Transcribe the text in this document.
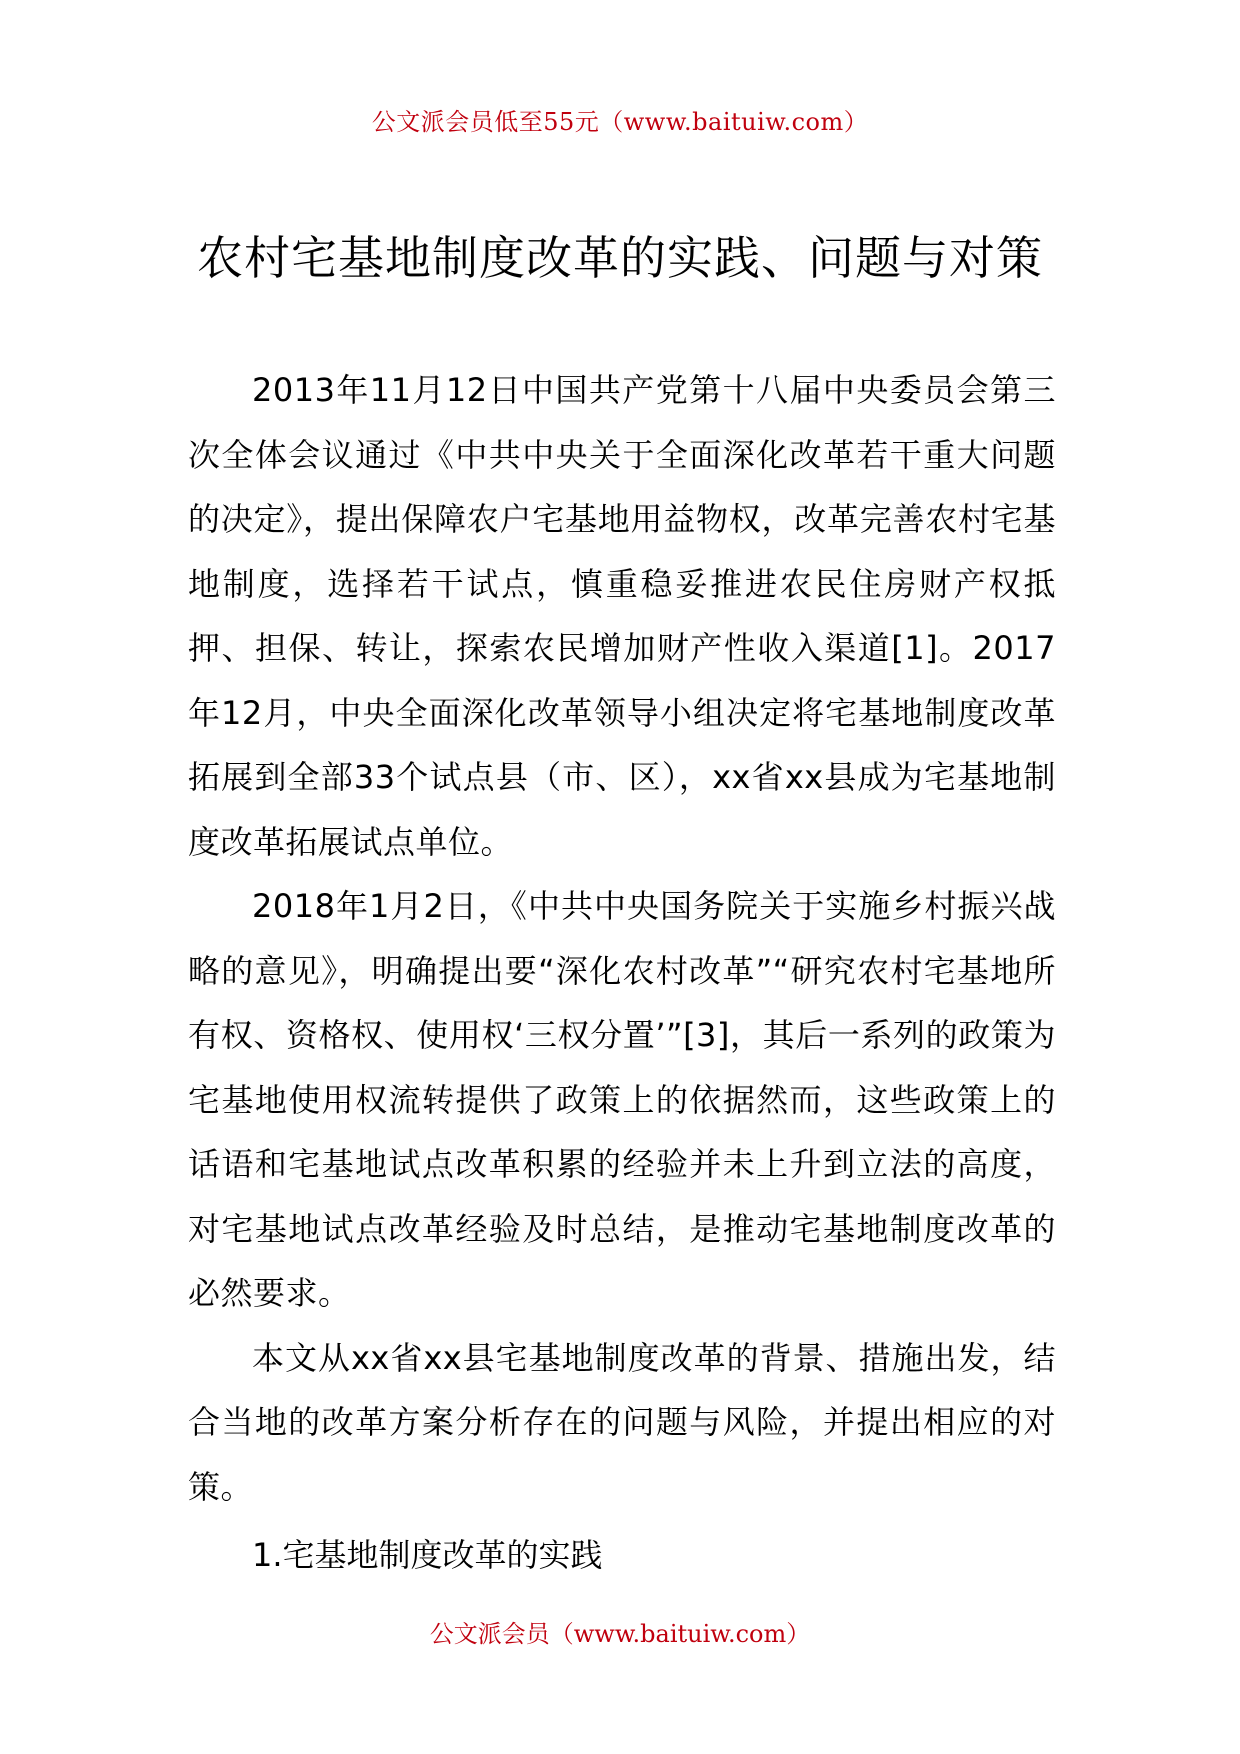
公文派会员低至55元（www.baituiw.com）
农村宅基地制度改革的实践、问题与对策

2013年11月12日中国共产党第十八届中央委员会第三次全体会议通过《中共中央关于全面深化改革若干重大问题的决定》，提出保障农户宅基地用益物权，改革完善农村宅基地制度，选择若干试点，慎重稳妥推进农民住房财产权抵押、担保、转让，探索农民增加财产性收入渠道[1]。2017年12月，中央全面深化改革领导小组决定将宅基地制度改革拓展到全部33个试点县（市、区），xx省xx县成为宅基地制度改革拓展试点单位。

2018年1月2日，《中共中央国务院关于实施乡村振兴战略的意见》，明确提出要“深化农村改革”“研究农村宅基地所有权、资格权、使用权‘三权分置’”[3]，其后一系列的政策为宅基地使用权流转提供了政策上的依据然而，这些政策上的话语和宅基地试点改革积累的经验并未上升到立法的高度，对宅基地试点改革经验及时总结，是推动宅基地制度改革的必然要求。

本文从xx省xx县宅基地制度改革的背景、措施出发，结合当地的改革方案分析存在的问题与风险，并提出相应的对策。

1.宅基地制度改革的实践
公文派会员（www.baituiw.com）
